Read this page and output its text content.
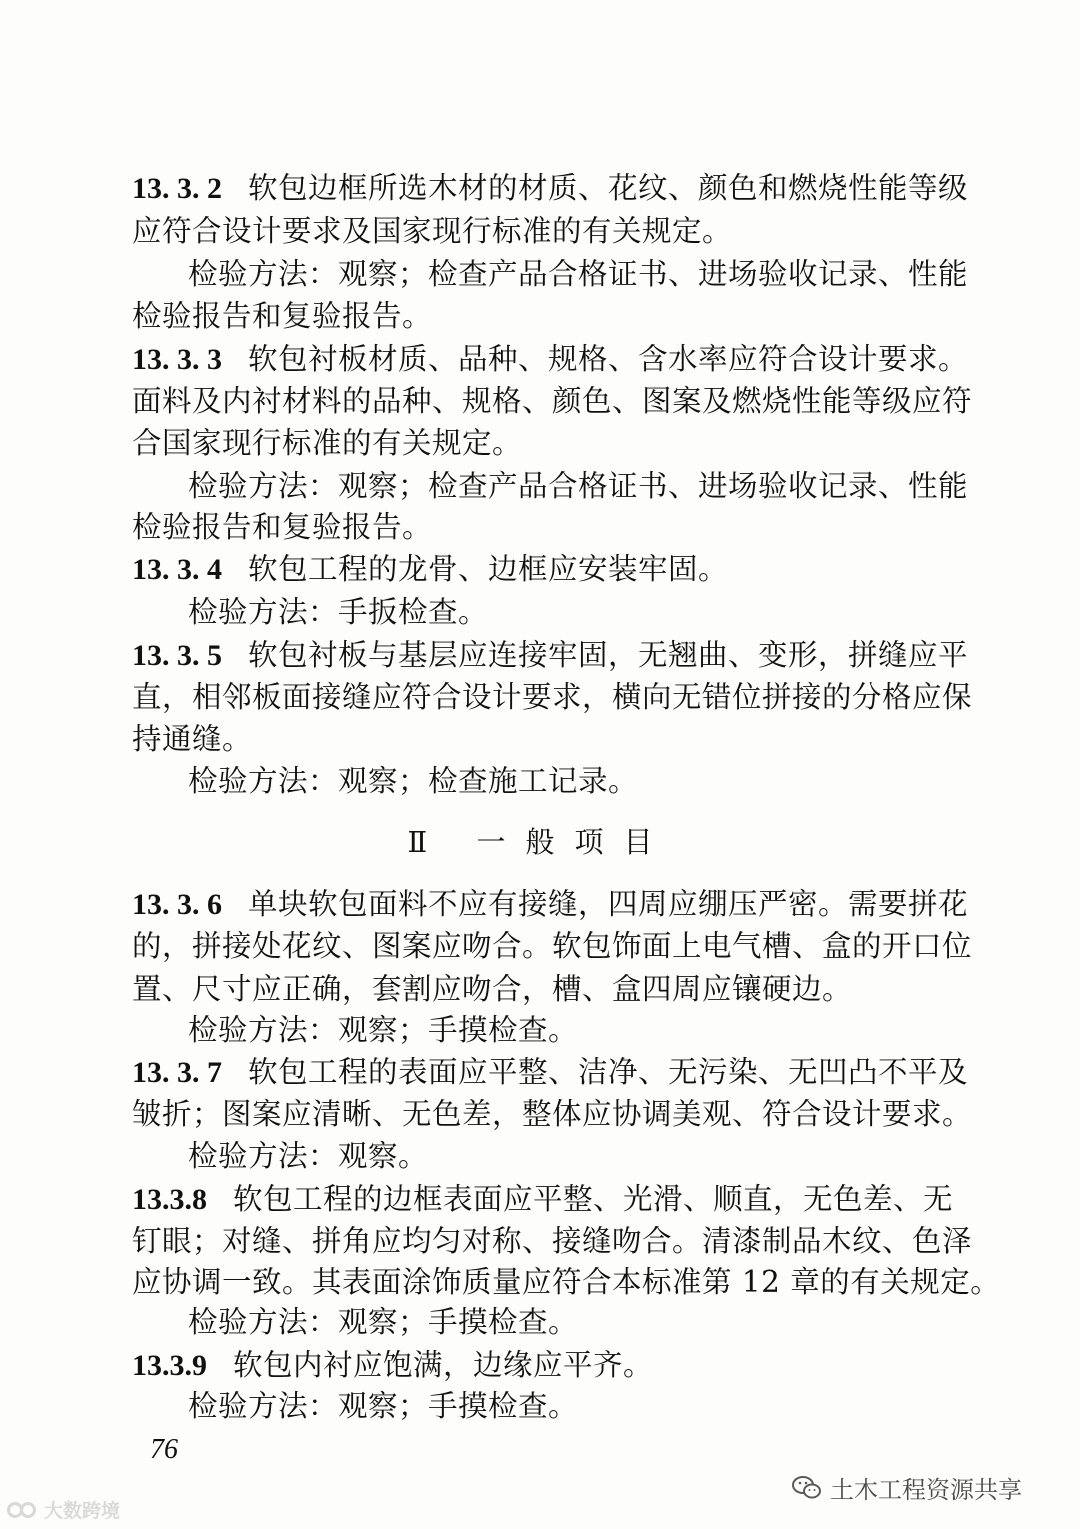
13. 3. 2 软包边框所选木材的材质、花纹、颜色和燃烧性能等级
应符合设计要求及国家现行标准的有关规定。
检验方法：观察；检查产品合格证书、进场验收记录、性能
检验报告和复验报告。
13. 3. 3 软包衬板材质、品种、规格、含水率应符合设计要求。
面料及内衬材料的品种、规格、颜色、图案及燃烧性能等级应符
合国家现行标准的有关规定。
检验方法：观察；检查产品合格证书、进场验收记录、性能
检验报告和复验报告。
13. 3. 4 软包工程的龙骨、边框应安装牢固。
检验方法：手扳检查。
13. 3. 5 软包衬板与基层应连接牢固，无翘曲、变形，拼缝应平
直，相邻板面接缝应符合设计要求，横向无错位拼接的分格应保
持通缝。
检验方法：观察；检查施工记录。
Ⅱ 一般项目
13. 3. 6 单块软包面料不应有接缝，四周应绷压严密。需要拼花
的，拼接处花纹、图案应吻合。软包饰面上电气槽、盒的开口位
置、尺寸应正确，套割应吻合，槽、盒四周应镶硬边。
检验方法：观察；手摸检查。
13. 3. 7 软包工程的表面应平整、洁净、无污染、无凹凸不平及
皱折；图案应清晰、无色差，整体应协调美观、符合设计要求。
检验方法：观察。
13.3.8 软包工程的边框表面应平整、光滑、顺直，无色差、无
钉眼；对缝、拼角应均匀对称、接缝吻合。清漆制品木纹、色泽
应协调一致。其表面涂饰质量应符合本标准第 12 章的有关规定。
检验方法：观察；手摸检查。
13.3.9 软包内衬应饱满，边缘应平齐。
检验方法：观察；手摸检查。
76
土木工程资源共享
大数跨境
